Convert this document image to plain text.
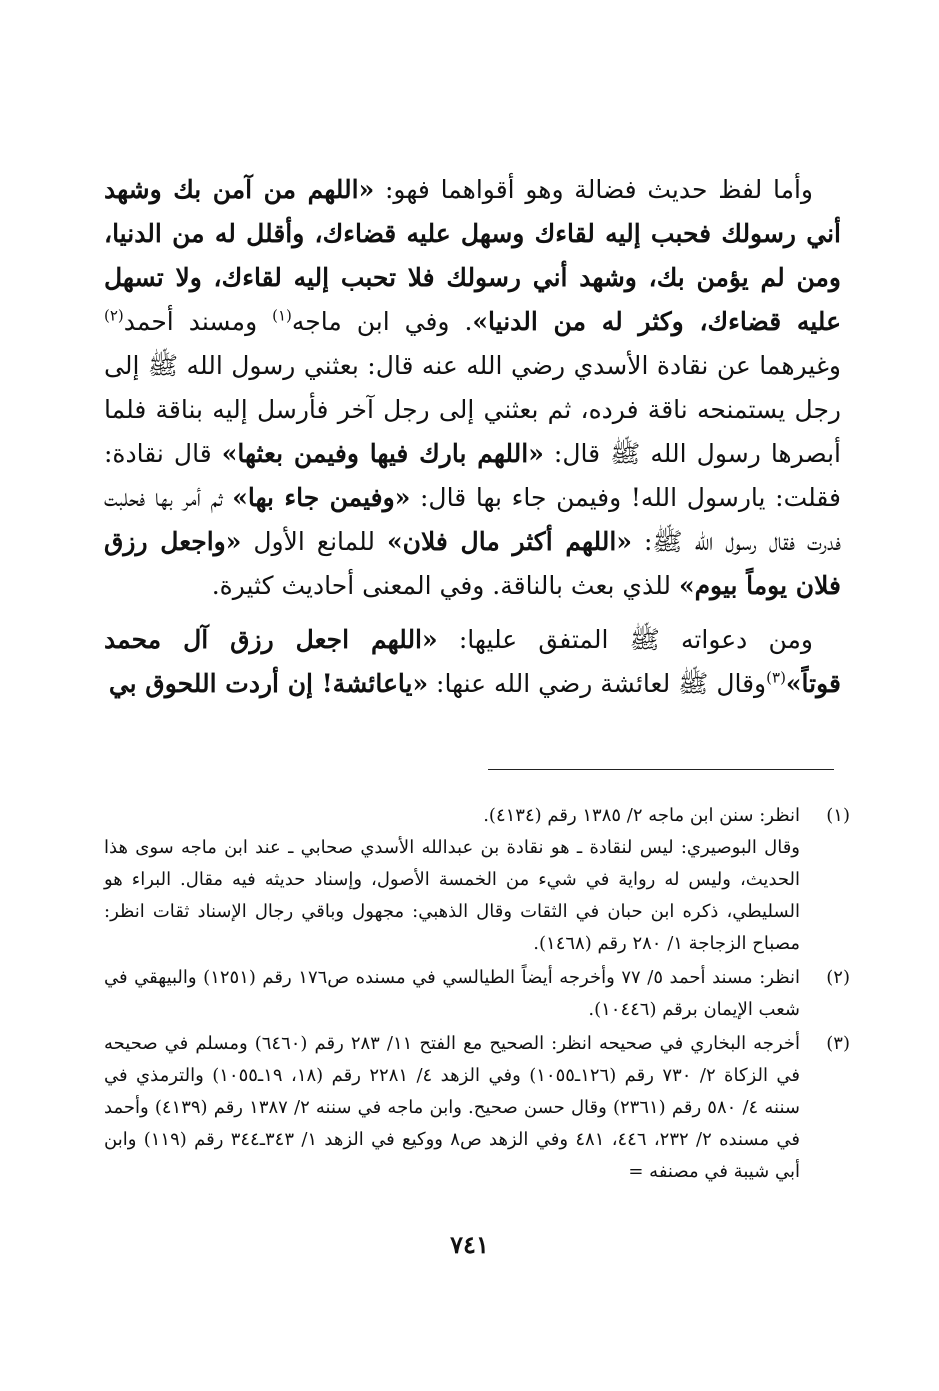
وأما لفظ حديث فضالة وهو أقواهما فهو: «اللهم من آمن بك وشهد أني رسولك فحبب إليه لقاءك وسهل عليه قضاءك، وأقلل له من الدنيا، ومن لم يؤمن بك، وشهد أني رسولك فلا تحبب إليه لقاءك، ولا تسهل عليه قضاءك، وكثر له من الدنيا». وفي ابن ماجه$^{(١)}$ ومسند أحمد$^{(٢)}$ وغيرهما عن نقادة الأسدي رضي الله عنه قال: بعثني رسول الله ﷺ إلى رجل يستمنحه ناقة فرده، ثم بعثني إلى رجل آخر فأرسل إليه بناقة فلما أبصرها رسول الله ﷺ قال: «اللهم بارك فيها وفيمن بعثها» قال نقادة: فقلت: يارسول الله! وفيمن جاء بها قال: «وفيمن جاء بها» ثم أمر بها فحلبت فدرت فقال رسول الله ﷺ: «اللهم أكثر مال فلان» للمانع الأول «واجعل رزق فلان يوماً بيوم» للذي بعث بالناقة. وفي المعنى أحاديث كثيرة.

ومن دعواته ﷺ المتفق عليها: «اللهم اجعل رزق آل محمد قوتاً»$^{(٣)}$وقال ﷺ لعائشة رضي الله عنها: «ياعائشة! إن أردت اللحوق بي

(١)
انظر: سنن ابن ماجه ٢/ ١٣٨٥ رقم (٤١٣٤).
وقال البوصيري: ليس لنقادة ـ هو نقادة بن عبدالله الأسدي صحابي ـ عند ابن ماجه سوى هذا الحديث، وليس له رواية في شيء من الخمسة الأصول، وإسناد حديثه فيه مقال. البراء هو السليطي، ذكره ابن حبان في الثقات وقال الذهبي: مجهول وباقي رجال الإسناد ثقات انظر: مصباح الزجاجة ١/ ٢٨٠ رقم (١٤٦٨).
(٢)
انظر: مسند أحمد ٥/ ٧٧ وأخرجه أيضاً الطيالسي في مسنده ص١٧٦ رقم (١٢٥١) والبيهقي في شعب الإيمان برقم (١٠٤٤٦).
(٣)
أخرجه البخاري في صحيحه انظر: الصحيح مع الفتح ١١/ ٢٨٣ رقم (٦٤٦٠) ومسلم في صحيحه في الزكاة ٢/ ٧٣٠ رقم (١٢٦ـ١٠٥٥) وفي الزهد ٤/ ٢٢٨١ رقم (١٨، ١٩ـ١٠٥٥) والترمذي في سننه ٤/ ٥٨٠ رقم (٢٣٦١) وقال حسن صحيح. وابن ماجه في سننه ٢/ ١٣٨٧ رقم (٤١٣٩) وأحمد في مسنده ٢/ ٢٣٢، ٤٤٦، ٤٨١ وفي الزهد ص٨ ووكيع في الزهد ١/ ٣٤٣ـ٣٤٤ رقم (١١٩) وابن أبي شيبة في مصنفه =
٧٤١
